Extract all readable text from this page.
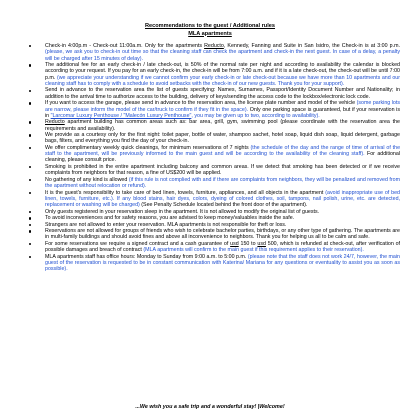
Recommendations to the guest / Additional rules
MLA apartments
Check-in 4:00p.m - Check-out 11:00a.m. Only for the apartments Reducto, Kennedy, Fanning and Suite in San Isidro, the Check-in is at 3:00 p.m. (please, we ask you to check-in out time so that the cleaning staff can check the apartment and check-in the next guest. In case of a delay, a penalty will be charged after 15 minutes of delay).
The additional fee for an early check-in / late check-out, is 50% of the normal rate per night and according to availability the calendar is blocked according to your request. If you pay for an early check-in, the check-in will be from 7:00 a.m. and if it is a late check-out, the check-out will be until 7:00 p.m. (we appreciate your understanding if we cannot confirm your early check-in or late check-out because we have more than 10 apartments and our cleaning staff has to comply with a schedule to avoid setbacks with the check-in of our new guests. Thank you for your support).
Send in advance to the reservation area the list of guests specifying: Names, Surnames, Passport/Identity Document Number and Nationality; in addition to the arrival time to authorize access to the building, delivery of keys/sending the access code to the lockbox/electronic lock code.
If you want to access the garage, please send in advance to the reservation area, the license plate number and model of the vehicle (some parking lots are narrow, please inform the model of the car/truck to confirm if they fit in the space). Only one parking space is guaranteed, but if your reservation is in "Larcomar Luxury Penthouse / "Malecón Luxury Penthouse", you may be given up to two, according to availability).
Reducto apartment building has common areas such as: bar area, grill, gym, swimming pool (please coordinate with the reservation area the requirements and availability).
We provide as a courtesy only for the first night: toilet paper, bottle of water, shampoo sachet, hotel soap, liquid dish soap, liquid detergent, garbage bags, filters, and everything you find the day of your check-in.
We offer complimentary weekly quick cleanings, for minimum reservations of 7 nights (the schedule of the day and the range of time of arrival of the staff to the apartment, will be previously informed to the main guest and will be according to the availability of the cleaning staff). For additional cleaning, please consult price.
Smoking is prohibited in the entire apartment including balcony and common areas. If we detect that smoking has been detected or if we receive complaints from neighbors for that reason, a fine of US$200 will be applied.
No gathering of any kind is allowed (if this rule is not complied with and if there are complaints from neighbors, they will be penalized and removed from the apartment without relocation or refund).
It is the guest's responsibility to take care of bed linen, towels, furniture, appliances, and all objects in the apartment (avoid inappropriate use of bed linen, towels, furniture, etc.). If any blood stains, hair dyes, colors, dyeing of colored clothes, soil, tampons, nail polish, urine, etc. are detected, replacement or washing will be charged) (See Penalty Schedule located behind the front door of the apartment).
Only guests registered in your reservation sleep in the apartment. It is not allowed to modify the original list of guests.
To avoid inconveniences and for safety reasons, you are advised to keep money/valuables inside the safe.
Strangers are not allowed to enter your reservation. MLA apartments is not responsible for theft or loss.
Reservations are not allowed for groups of friends who wish to celebrate bachelor parties, birthdays, or any other type of gathering. The apartments are in multi-family buildings and should avoid fines and above all inconvenience to neighbors. Thank you for helping us all to be calm and safe.
For some reservations we require a signed contract and a cash guarantee of usd 150 to usd 500, which is refunded at check-out, after verification of possible damages and breach of contract (MLA apartments will confirm to the main guest if this requirement applies to their reservation).
MLA apartments staff has office hours: Monday to Sunday from 9:00 a.m. to 5:00 p.m. (please note that the staff does not work 24/7, however, the main guest of the reservation is requested to be in constant communication with Katerina/ Mariana for any questions or eventuality to assist you as soon as possible).
...We wish you a safe trip and a wonderful stay! |Welcome!
